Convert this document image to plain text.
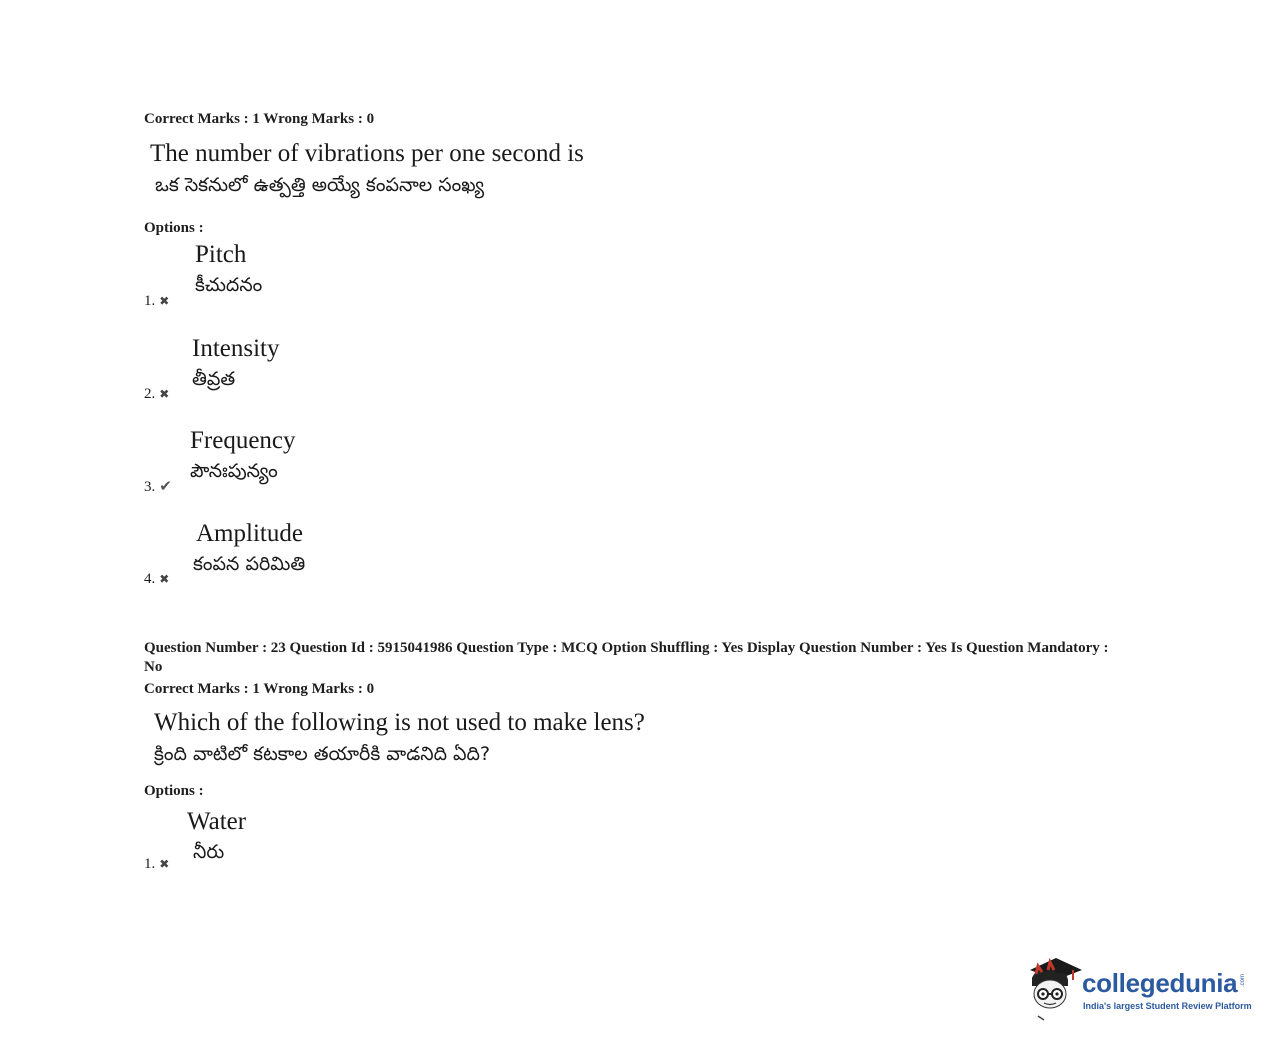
Correct Marks : 1 Wrong Marks : 0
The number of vibrations per one second is
ఒక సెకనులో ఉత్పత్తి అయ్యే కంపనాల సంఖ్య
Options :
Pitch
కీచుదనం
1. ✖
Intensity
తీవ్రత
2. ✖
Frequency
పౌనఃపున్యం
3. ✔
Amplitude
కంపన పరిమితి
4. ✖
Question Number : 23 Question Id : 5915041986 Question Type : MCQ Option Shuffling : Yes Display Question Number : Yes Is Question Mandatory : No
Correct Marks : 1 Wrong Marks : 0
Which of the following is not used to make lens?
క్రింది వాటిలో కటకాల తయారీకి వాడనిది ఏది?
Options :
Water
నీరు
1. ✖
collegedunia .com
India's largest Student Review Platform
